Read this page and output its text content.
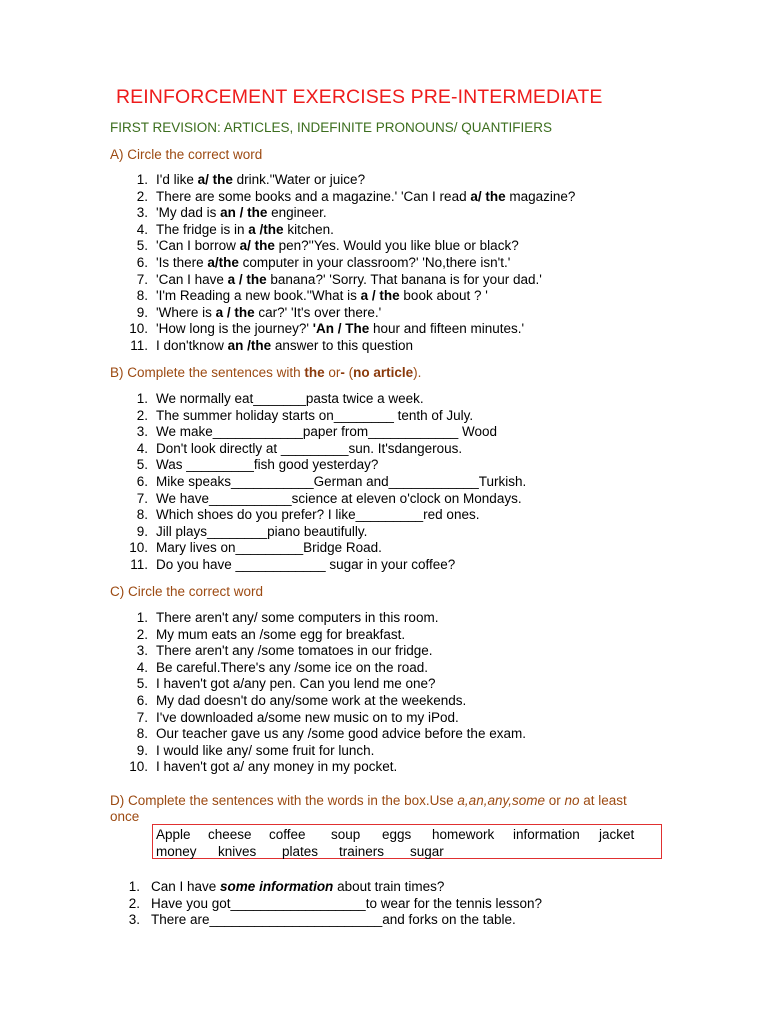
REINFORCEMENT EXERCISES PRE-INTERMEDIATE
FIRST REVISION: ARTICLES, INDEFINITE PRONOUNS/ QUANTIFIERS
A) Circle the correct word
1. I'd like a/ the drink.''Water or juice?
2. There are some books and a magazine.' 'Can I read a/ the magazine?
3. 'My dad is an / the engineer.
4. The fridge is in a /the kitchen.
5. 'Can I borrow a/ the pen?''Yes. Would you like blue or black?
6. 'Is there a/the computer in your classroom?' 'No,there isn't.'
7. 'Can I have a / the banana?' 'Sorry. That banana is for your dad.'
8. 'I'm Reading a new book.''What is a / the book about ? '
9. 'Where is a / the car?' 'It's over there.'
10. 'How long is the journey?' 'An / The hour and fifteen minutes.'
11. I don'tknow an /the answer to this question
B) Complete the sentences with the or- (no article).
1. We normally eat_______pasta twice a week.
2. The summer holiday starts on________ tenth of July.
3. We make____________paper from____________ Wood
4. Don't look directly at _________sun. It'sdangerous.
5. Was _________fish good yesterday?
6. Mike speaks___________German and____________Turkish.
7. We have___________science at eleven o'clock on Mondays.
8. Which shoes do you prefer? I like_________red ones.
9. Jill plays________piano beautifully.
10. Mary lives on_________Bridge Road.
11. Do you have ____________ sugar in your coffee?
C) Circle the correct word
1. There aren't any/ some computers in this room.
2. My mum eats an /some egg for breakfast.
3. There aren't any /some tomatoes in our fridge.
4. Be careful.There's any /some ice on the road.
5. I haven't got a/any pen. Can you lend me one?
6. My dad doesn't do any/some work at the weekends.
7. I've downloaded a/some new music on to my iPod.
8. Our teacher gave us any /some good advice before the exam.
9. I would like any/ some fruit for lunch.
10. I haven't got a/ any money in my pocket.
D) Complete the sentences with the words in the box.Use a,an,any,some or no at least
once
Apple cheese coffee soup eggs homework information jacket
money knives plates trainers sugar
1. Can I have some information about train times?
2. Have you got__________________to wear for the tennis lesson?
3. There are_______________________and forks on the table.
